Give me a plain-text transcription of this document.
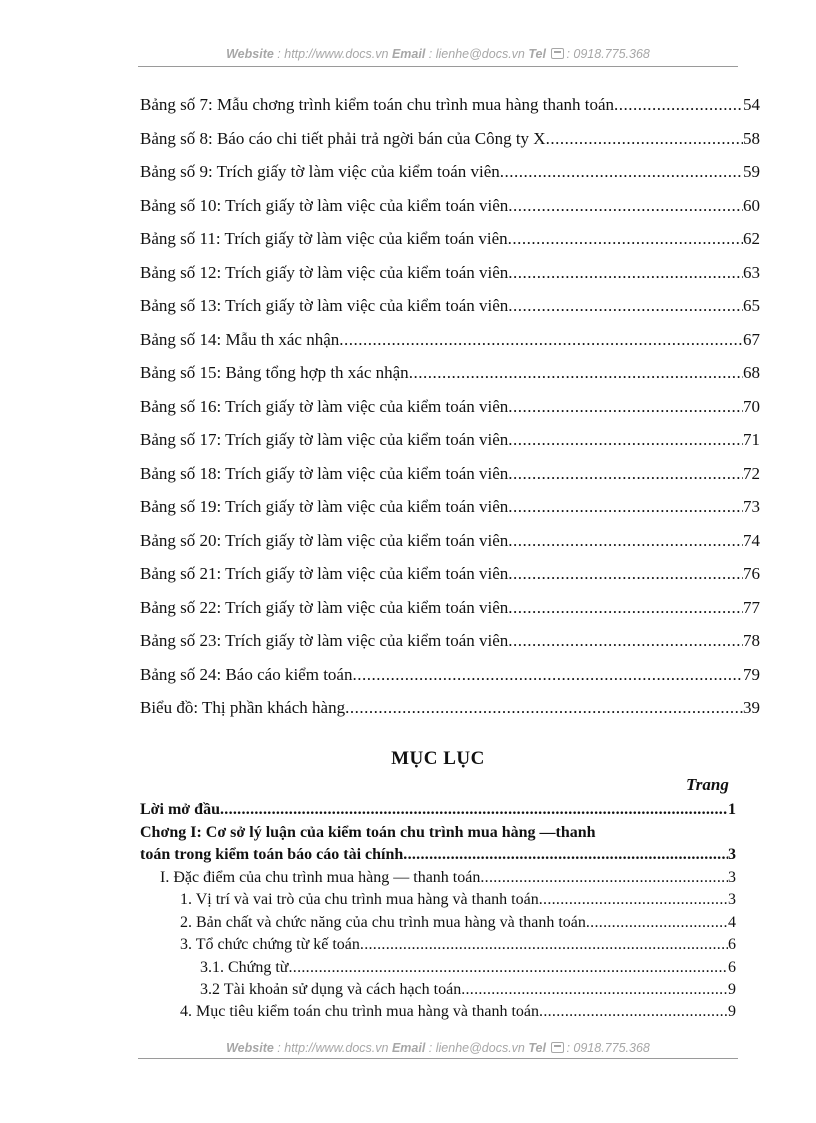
Website : http://www.docs.vn Email : lienhe@docs.vn Tel : 0918.775.368
Bảng số 7: Mẫu chơng trình kiểm toán chu trình mua hàng thanh toán .....	54
Bảng số 8: Báo cáo chi tiết phải trả ngời bán của Công ty X .....	58
Bảng số 9: Trích giấy tờ làm việc của kiểm toán viên .....	59
Bảng số 10: Trích giấy tờ làm việc của kiểm toán viên .....	60
Bảng số 11: Trích giấy tờ làm việc của kiểm toán viên .....	62
Bảng số 12: Trích giấy tờ làm việc của kiểm toán viên .....	63
Bảng số 13: Trích giấy tờ làm việc của kiểm toán viên .....	65
Bảng số 14: Mẫu th xác nhận .....	67
Bảng số 15: Bảng tổng hợp th xác nhận .....	68
Bảng số 16: Trích giấy tờ làm việc của kiểm toán viên .....	70
Bảng số 17: Trích giấy tờ làm việc của kiểm toán viên .....	71
Bảng số 18: Trích giấy tờ làm việc của kiểm toán viên .....	72
Bảng số 19: Trích giấy tờ làm việc của kiểm toán viên .....	73
Bảng số 20: Trích giấy tờ làm việc của kiểm toán viên .....	74
Bảng số 21: Trích giấy tờ làm việc của kiểm toán viên .....	76
Bảng số 22: Trích giấy tờ làm việc của kiểm toán viên .....	77
Bảng số 23: Trích giấy tờ làm việc của kiểm toán viên .....	78
Bảng số 24: Báo cáo kiểm toán .....	79
Biểu đồ: Thị phần khách hàng .....	39
MỤC LỤC
Trang
Lời mở đầu .....	1
Chơng I: Cơ sở lý luận của kiểm toán chu trình mua hàng —thanh
toán trong kiểm toán báo cáo tài chính .....	3
I. Đặc điểm của chu trình mua hàng — thanh toán .....	3
1. Vị trí và vai trò của chu trình mua hàng và thanh toán .....	3
2. Bản chất và chức năng của chu trình mua hàng và thanh toán .....	4
3. Tổ chức chứng từ kế toán .....	6
3.1. Chứng từ .....	6
3.2 Tài khoản sử dụng và cách hạch toán .....	9
4. Mục tiêu kiểm toán chu trình mua hàng và thanh toán .....	9
Website : http://www.docs.vn Email : lienhe@docs.vn Tel : 0918.775.368
